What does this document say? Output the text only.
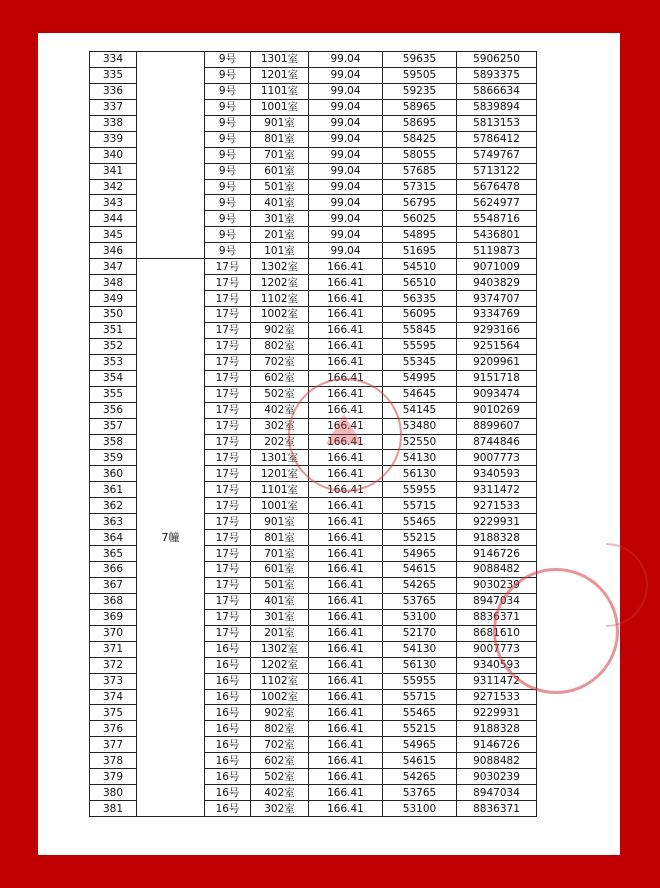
334		9号	1301室	99.04	59635	5906250
335		9号	1201室	99.04	59505	5893375
336		9号	1101室	99.04	59235	5866634
337		9号	1001室	99.04	58965	5839894
338		9号	901室	99.04	58695	5813153
339		9号	801室	99.04	58425	5786412
340		9号	701室	99.04	58055	5749767
341		9号	601室	99.04	57685	5713122
342		9号	501室	99.04	57315	5676478
343		9号	401室	99.04	56795	5624977
344		9号	301室	99.04	56025	5548716
345		9号	201室	99.04	54895	5436801
346		9号	101室	99.04	51695	5119873
347	7幢	17号	1302室	166.41	54510	9071009
348		17号	1202室	166.41	56510	9403829
349		17号	1102室	166.41	56335	9374707
350		17号	1002室	166.41	56095	9334769
351		17号	902室	166.41	55845	9293166
352		17号	802室	166.41	55595	9251564
353		17号	702室	166.41	55345	9209961
354		17号	602室	166.41	54995	9151718
355		17号	502室	166.41	54645	9093474
356		17号	402室	166.41	54145	9010269
357		17号	302室	166.41	53480	8899607
358		17号	202室	166.41	52550	8744846
359		17号	1301室	166.41	54130	9007773
360		17号	1201室	166.41	56130	9340593
361		17号	1101室	166.41	55955	9311472
362		17号	1001室	166.41	55715	9271533
363		17号	901室	166.41	55465	9229931
364		17号	801室	166.41	55215	9188328
365		17号	701室	166.41	54965	9146726
366		17号	601室	166.41	54615	9088482
367		17号	501室	166.41	54265	9030239
368		17号	401室	166.41	53765	8947034
369		17号	301室	166.41	53100	8836371
370		17号	201室	166.41	52170	8681610
371		16号	1302室	166.41	54130	9007773
372		16号	1202室	166.41	56130	9340593
373		16号	1102室	166.41	55955	9311472
374		16号	1002室	166.41	55715	9271533
375		16号	902室	166.41	55465	9229931
376		16号	802室	166.41	55215	9188328
377		16号	702室	166.41	54965	9146726
378		16号	602室	166.41	54615	9088482
379		16号	502室	166.41	54265	9030239
380		16号	402室	166.41	53765	8947034
381		16号	302室	166.41	53100	8836371
